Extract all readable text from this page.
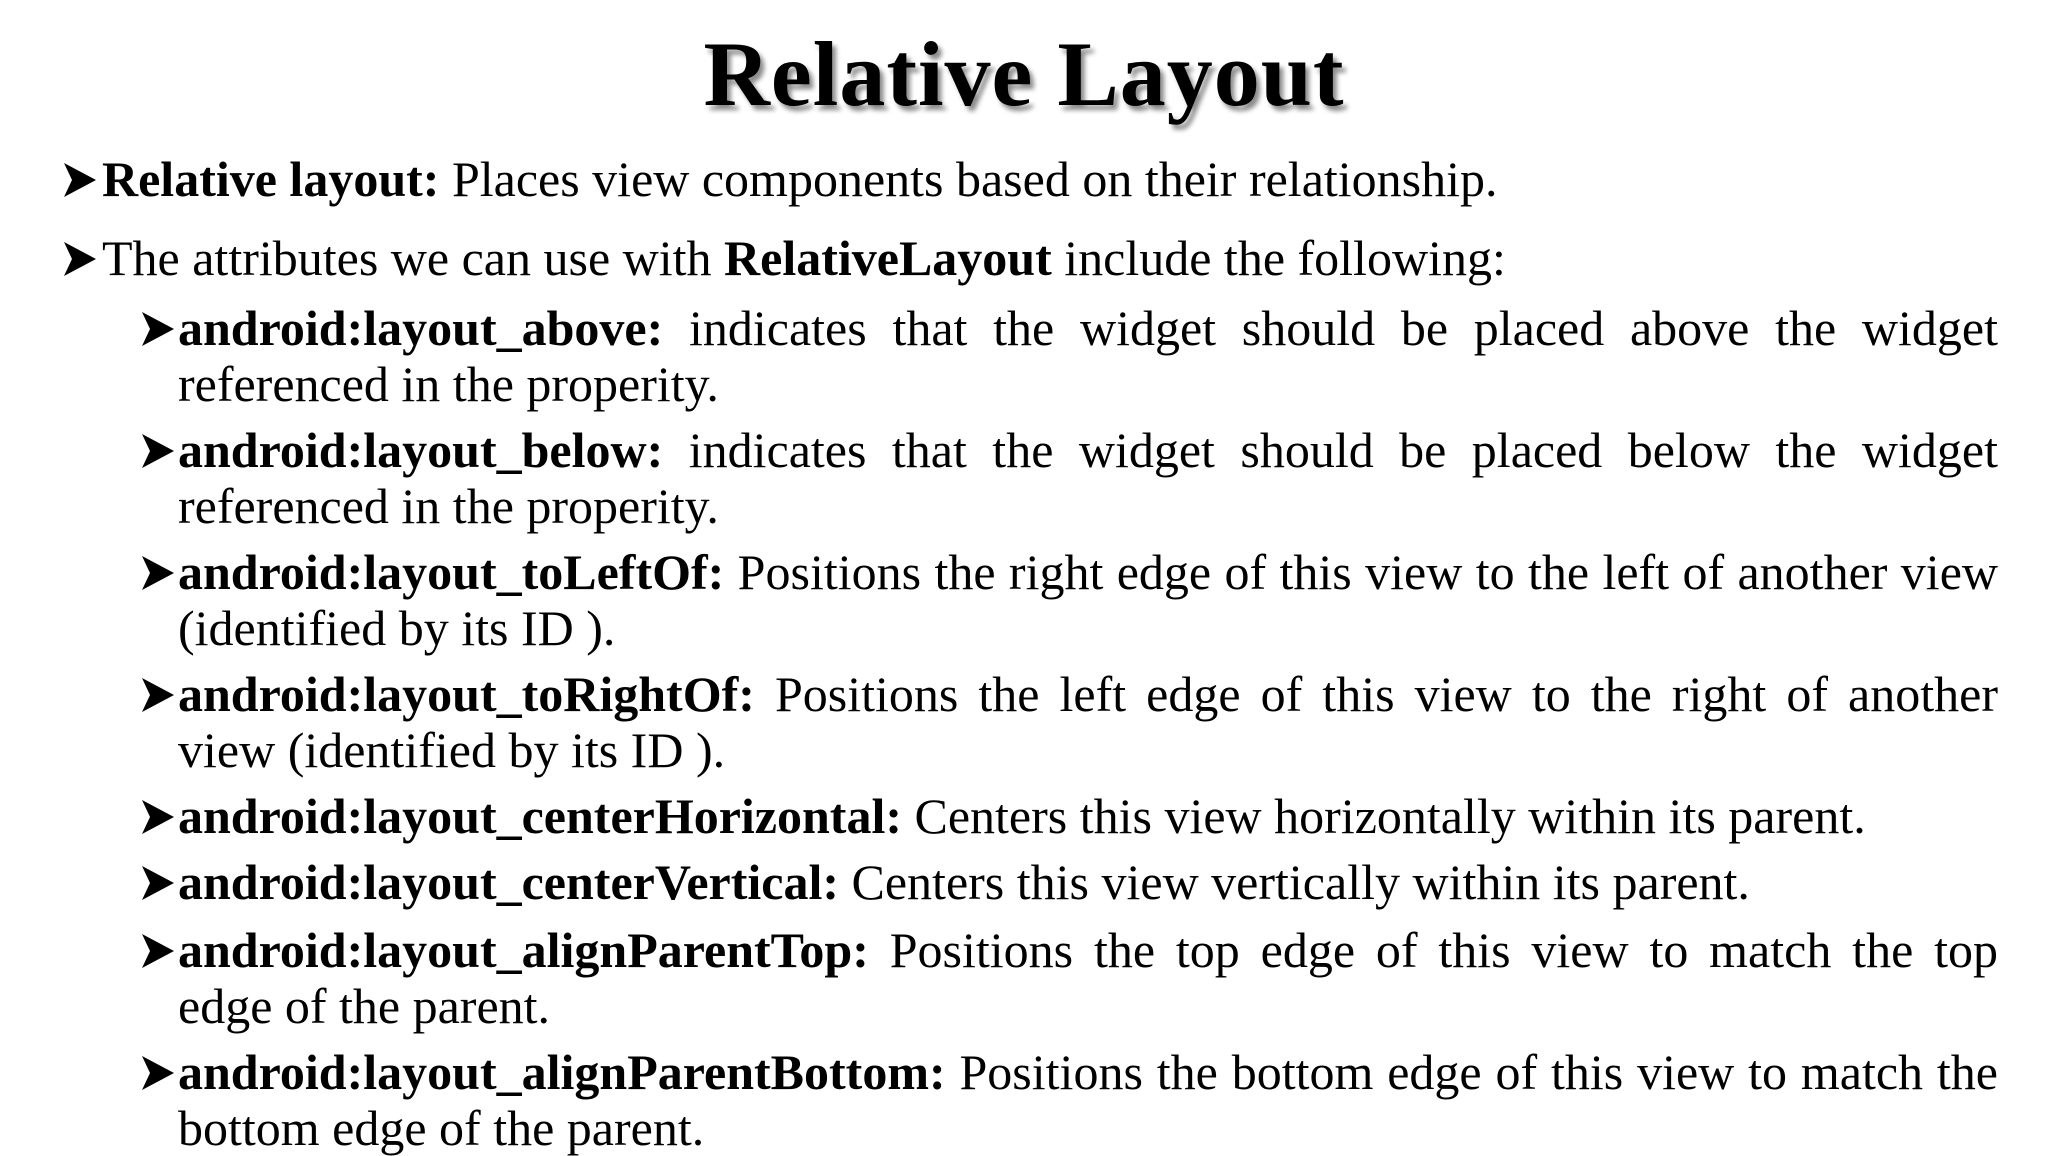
Relative Layout
Relative layout: Places view components based on their relationship.
The attributes we can use with RelativeLayout include the following:
android:layout_above: indicates that the widget should be placed above the widget referenced in the properity.
android:layout_below: indicates that the widget should be placed below the widget referenced in the properity.
android:layout_toLeftOf: Positions the right edge of this view to the left of another view (identified by its ID ).
android:layout_toRightOf: Positions the left edge of this view to the right of another view (identified by its ID ).
android:layout_centerHorizontal: Centers this view horizontally within its parent.
android:layout_centerVertical: Centers this view vertically within its parent.
android:layout_alignParentTop: Positions the top edge of this view to match the top edge of the parent.
android:layout_alignParentBottom: Positions the bottom edge of this view to match the bottom edge of the parent.
